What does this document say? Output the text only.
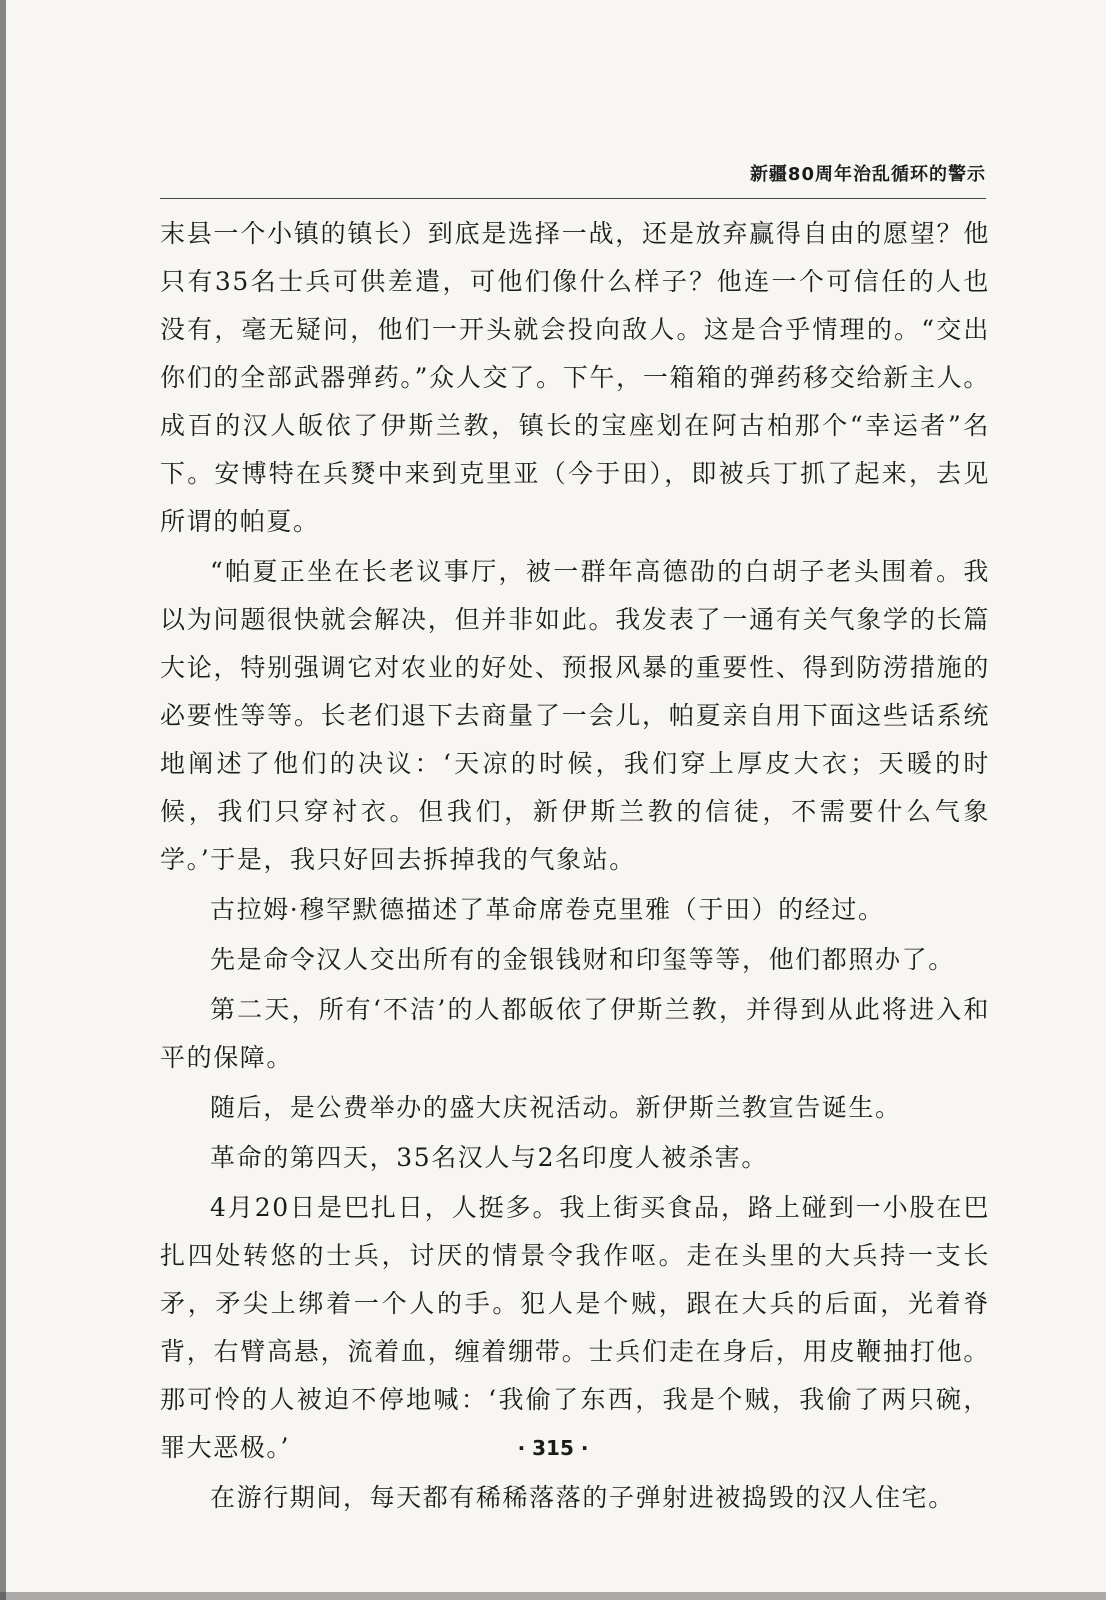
新疆80周年治乱循环的警示

末县一个小镇的镇长）到底是选择一战，还是放弃赢得自由的愿望？他只有35名士兵可供差遣，可他们像什么样子？他连一个可信任的人也没有，毫无疑问，他们一开头就会投向敌人。这是合乎情理的。“交出你们的全部武器弹药。”众人交了。下午，一箱箱的弹药移交给新主人。成百的汉人皈依了伊斯兰教，镇长的宝座划在阿古柏那个“幸运者”名下。安博特在兵燹中来到克里亚（今于田），即被兵丁抓了起来，去见所谓的帕夏。

“帕夏正坐在长老议事厅，被一群年高德劭的白胡子老头围着。我以为问题很快就会解决，但并非如此。我发表了一通有关气象学的长篇大论，特别强调它对农业的好处、预报风暴的重要性、得到防涝措施的必要性等等。长老们退下去商量了一会儿，帕夏亲自用下面这些话系统地阐述了他们的决议：‘天凉的时候，我们穿上厚皮大衣；天暖的时候，我们只穿衬衣。但我们，新伊斯兰教的信徒，不需要什么气象学。’于是，我只好回去拆掉我的气象站。

古拉姆·穆罕默德描述了革命席卷克里雅（于田）的经过。

先是命令汉人交出所有的金银钱财和印玺等等，他们都照办了。

第二天，所有‘不洁’的人都皈依了伊斯兰教，并得到从此将进入和平的保障。

随后，是公费举办的盛大庆祝活动。新伊斯兰教宣告诞生。

革命的第四天，35名汉人与2名印度人被杀害。

4月20日是巴扎日，人挺多。我上街买食品，路上碰到一小股在巴扎四处转悠的士兵，讨厌的情景令我作呕。走在头里的大兵持一支长矛，矛尖上绑着一个人的手。犯人是个贼，跟在大兵的后面，光着脊背，右臂高悬，流着血，缠着绷带。士兵们走在身后，用皮鞭抽打他。那可怜的人被迫不停地喊：‘我偷了东西，我是个贼，我偷了两只碗，罪大恶极。’

在游行期间，每天都有稀稀落落的子弹射进被捣毁的汉人住宅。

· 315 ·
